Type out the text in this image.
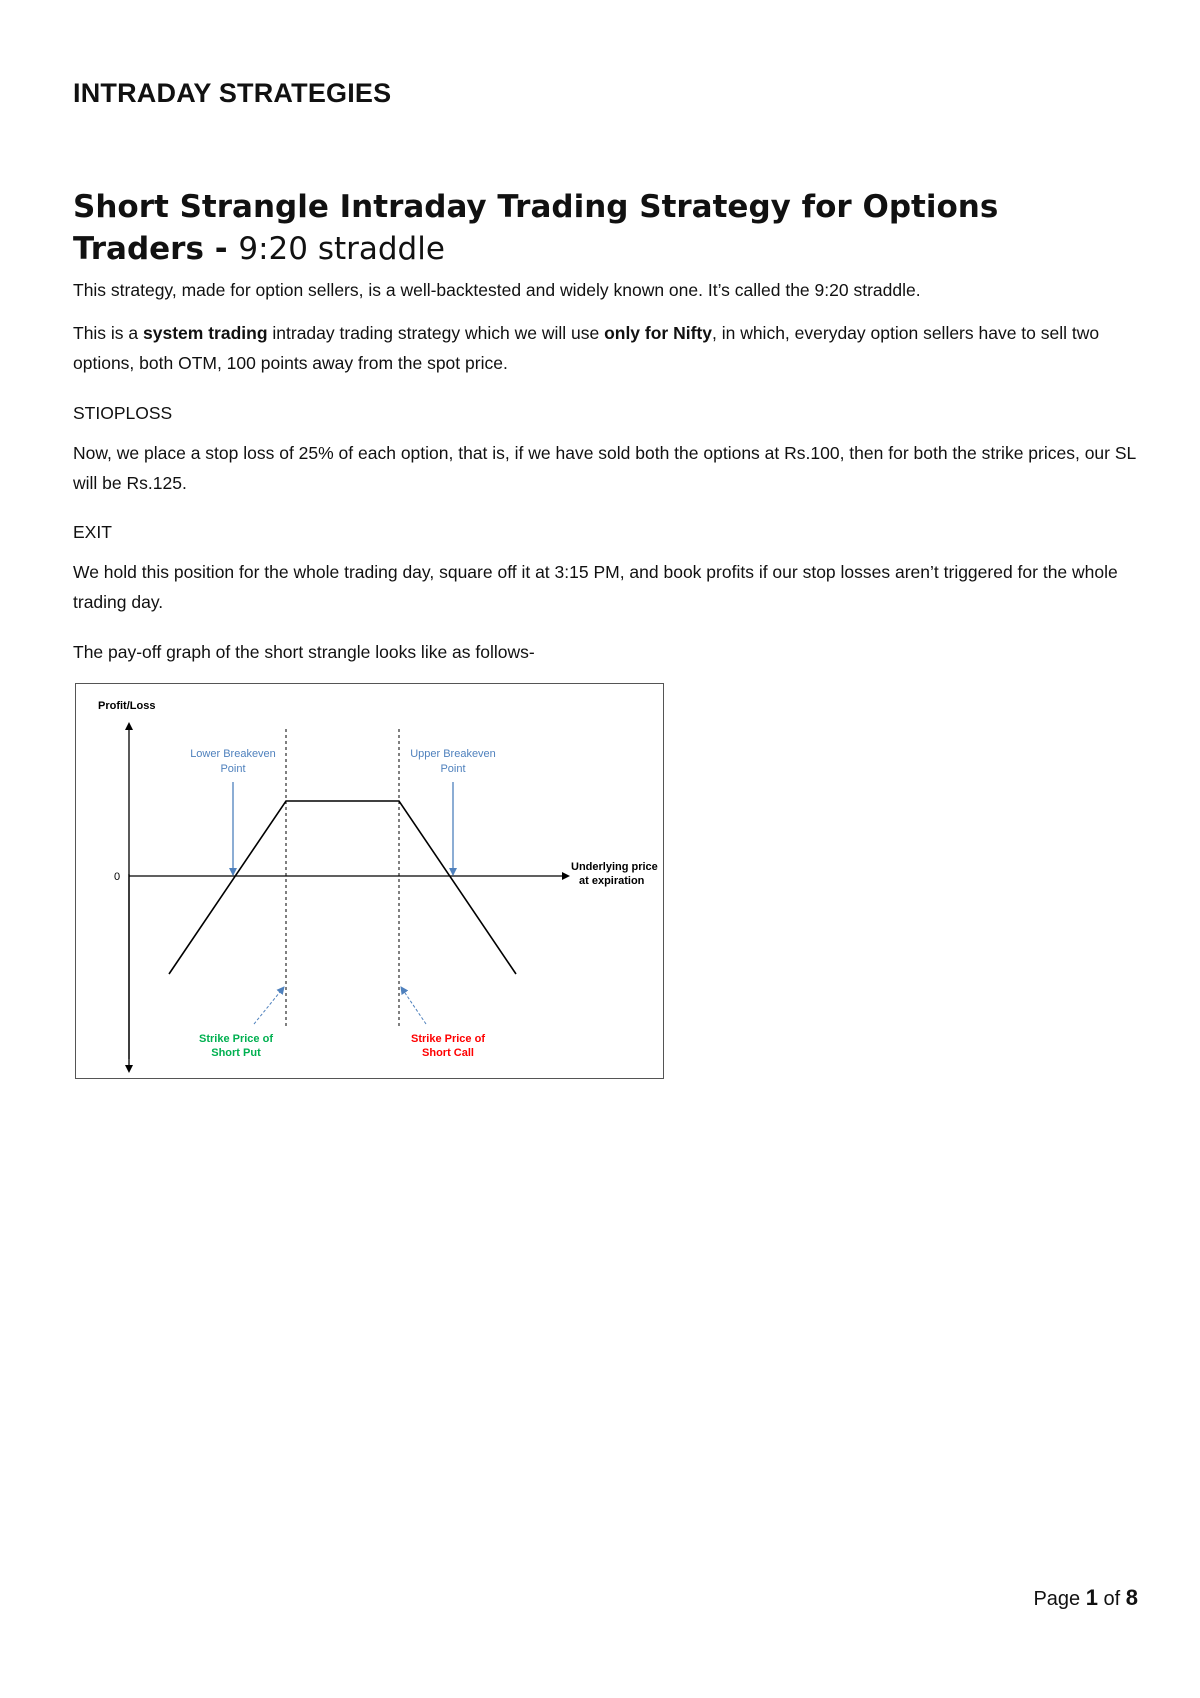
INTRADAY STRATEGIES
Short Strangle Intraday Trading Strategy for Options Traders - 9:20 straddle

This strategy, made for option sellers, is a well-backtested and widely known one. It’s called the 9:20 straddle.

This is a system trading intraday trading strategy which we will use only for Nifty, in which, everyday option sellers have to sell two options, both OTM, 100 points away from the spot price.

STIOPLOSS

Now, we place a stop loss of 25% of each option, that is, if we have sold both the options at Rs.100, then for both the strike prices, our SL will be Rs.125.

EXIT

We hold this position for the whole trading day, square off it at 3:15 PM, and book profits if our stop losses aren’t triggered for the whole trading day.

The pay-off graph of the short strangle looks like as follows-

Profit/Loss
0
Underlying price
at expiration
Lower Breakeven
Point
Upper Breakeven
Point
Strike Price of
Short Put
Strike Price of
Short Call

Page 1 of 8
